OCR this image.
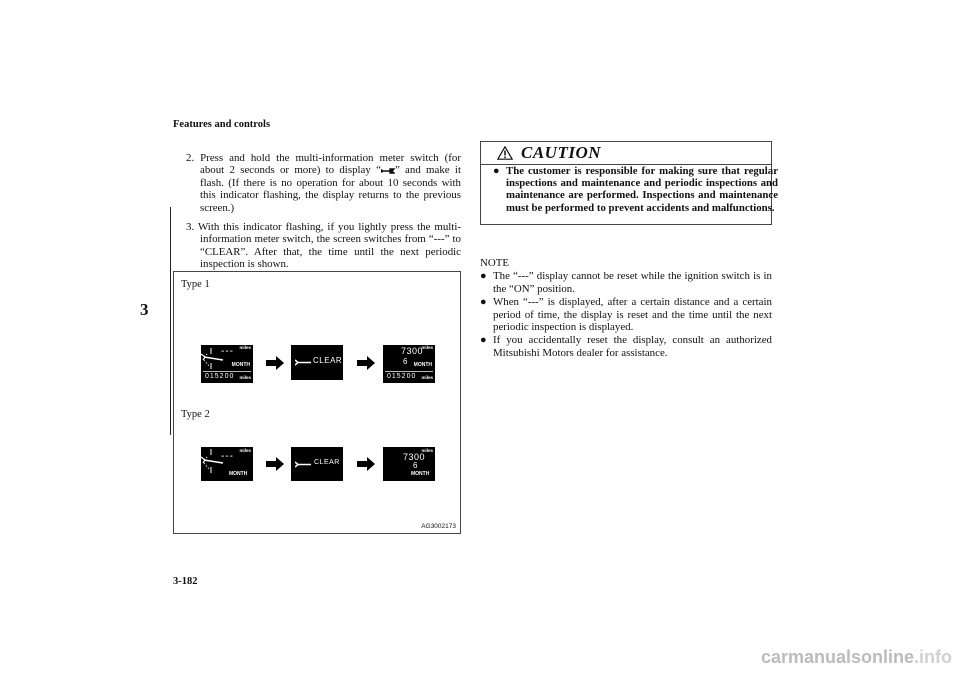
Features and controls
3

2. Press and hold the multi-information meter switch (for about 2 seconds or more) to display “ ” and make it flash. (If there is no operation for about 10 seconds with this indicator flashing, the display returns to the previous screen.)

3. With this indicator flashing, if you lightly press the multi-information meter switch, the screen switches from “---” to “CLEAR”. After that, the time until the next periodic inspection is shown.

Type 1
--- miles
MONTH
015200 miles
CLEAR
7300
miles
6 MONTH
015200 miles
Type 2
---
miles
MONTH
CLEAR
7300
miles
6
MONTH
AG3002173
CAUTION
● The customer is responsible for making sure that regular inspections and maintenance and periodic inspections and maintenance are performed. Inspections and maintenance must be performed to prevent accidents and malfunctions.
NOTE
● The “---” display cannot be reset while the ignition switch is in the “ON” position.
● When “---” is displayed, after a certain distance and a certain period of time, the display is reset and the time until the next periodic inspection is displayed.
● If you accidentally reset the display, consult an authorized Mitsubishi Motors dealer for assistance.
3-182
carmanualsonline.info
